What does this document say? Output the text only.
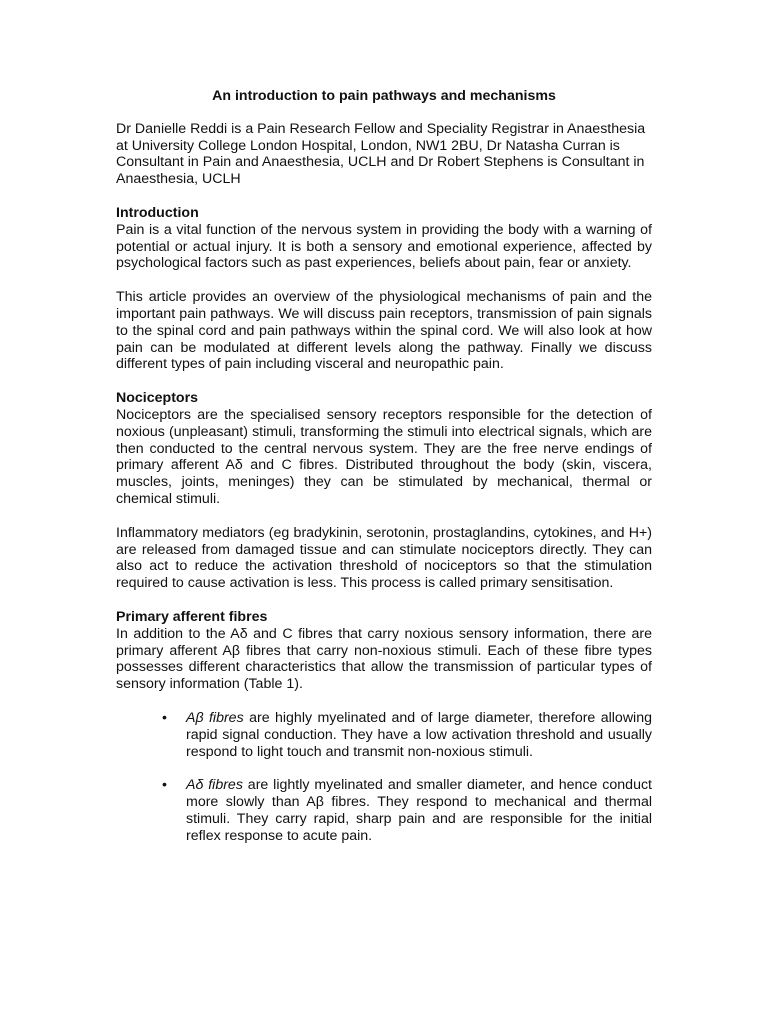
An introduction to pain pathways and mechanisms

Dr Danielle Reddi is a Pain Research Fellow and Speciality Registrar in Anaesthesia at University College London Hospital, London, NW1 2BU, Dr Natasha Curran is Consultant in Pain and Anaesthesia, UCLH and Dr Robert Stephens is Consultant in Anaesthesia, UCLH

Introduction
Pain is a vital function of the nervous system in providing the body with a warning of potential or actual injury. It is both a sensory and emotional experience, affected by psychological factors such as past experiences, beliefs about pain, fear or anxiety.

This article provides an overview of the physiological mechanisms of pain and the important pain pathways. We will discuss pain receptors, transmission of pain signals to the spinal cord and pain pathways within the spinal cord. We will also look at how pain can be modulated at different levels along the pathway. Finally we discuss different types of pain including visceral and neuropathic pain.

Nociceptors
Nociceptors are the specialised sensory receptors responsible for the detection of noxious (unpleasant) stimuli, transforming the stimuli into electrical signals, which are then conducted to the central nervous system. They are the free nerve endings of primary afferent Aδ and C fibres. Distributed throughout the body (skin, viscera, muscles, joints, meninges) they can be stimulated by mechanical, thermal or chemical stimuli.

Inflammatory mediators (eg bradykinin, serotonin, prostaglandins, cytokines, and H+) are released from damaged tissue and can stimulate nociceptors directly. They can also act to reduce the activation threshold of nociceptors so that the stimulation required to cause activation is less. This process is called primary sensitisation.

Primary afferent fibres
In addition to the Aδ and C fibres that carry noxious sensory information, there are primary afferent Aβ fibres that carry non-noxious stimuli. Each of these fibre types possesses different characteristics that allow the transmission of particular types of sensory information (Table 1).

• Aβ fibres are highly myelinated and of large diameter, therefore allowing rapid signal conduction. They have a low activation threshold and usually respond to light touch and transmit non-noxious stimuli.
• Aδ fibres are lightly myelinated and smaller diameter, and hence conduct more slowly than Aβ fibres. They respond to mechanical and thermal stimuli. They carry rapid, sharp pain and are responsible for the initial reflex response to acute pain.
